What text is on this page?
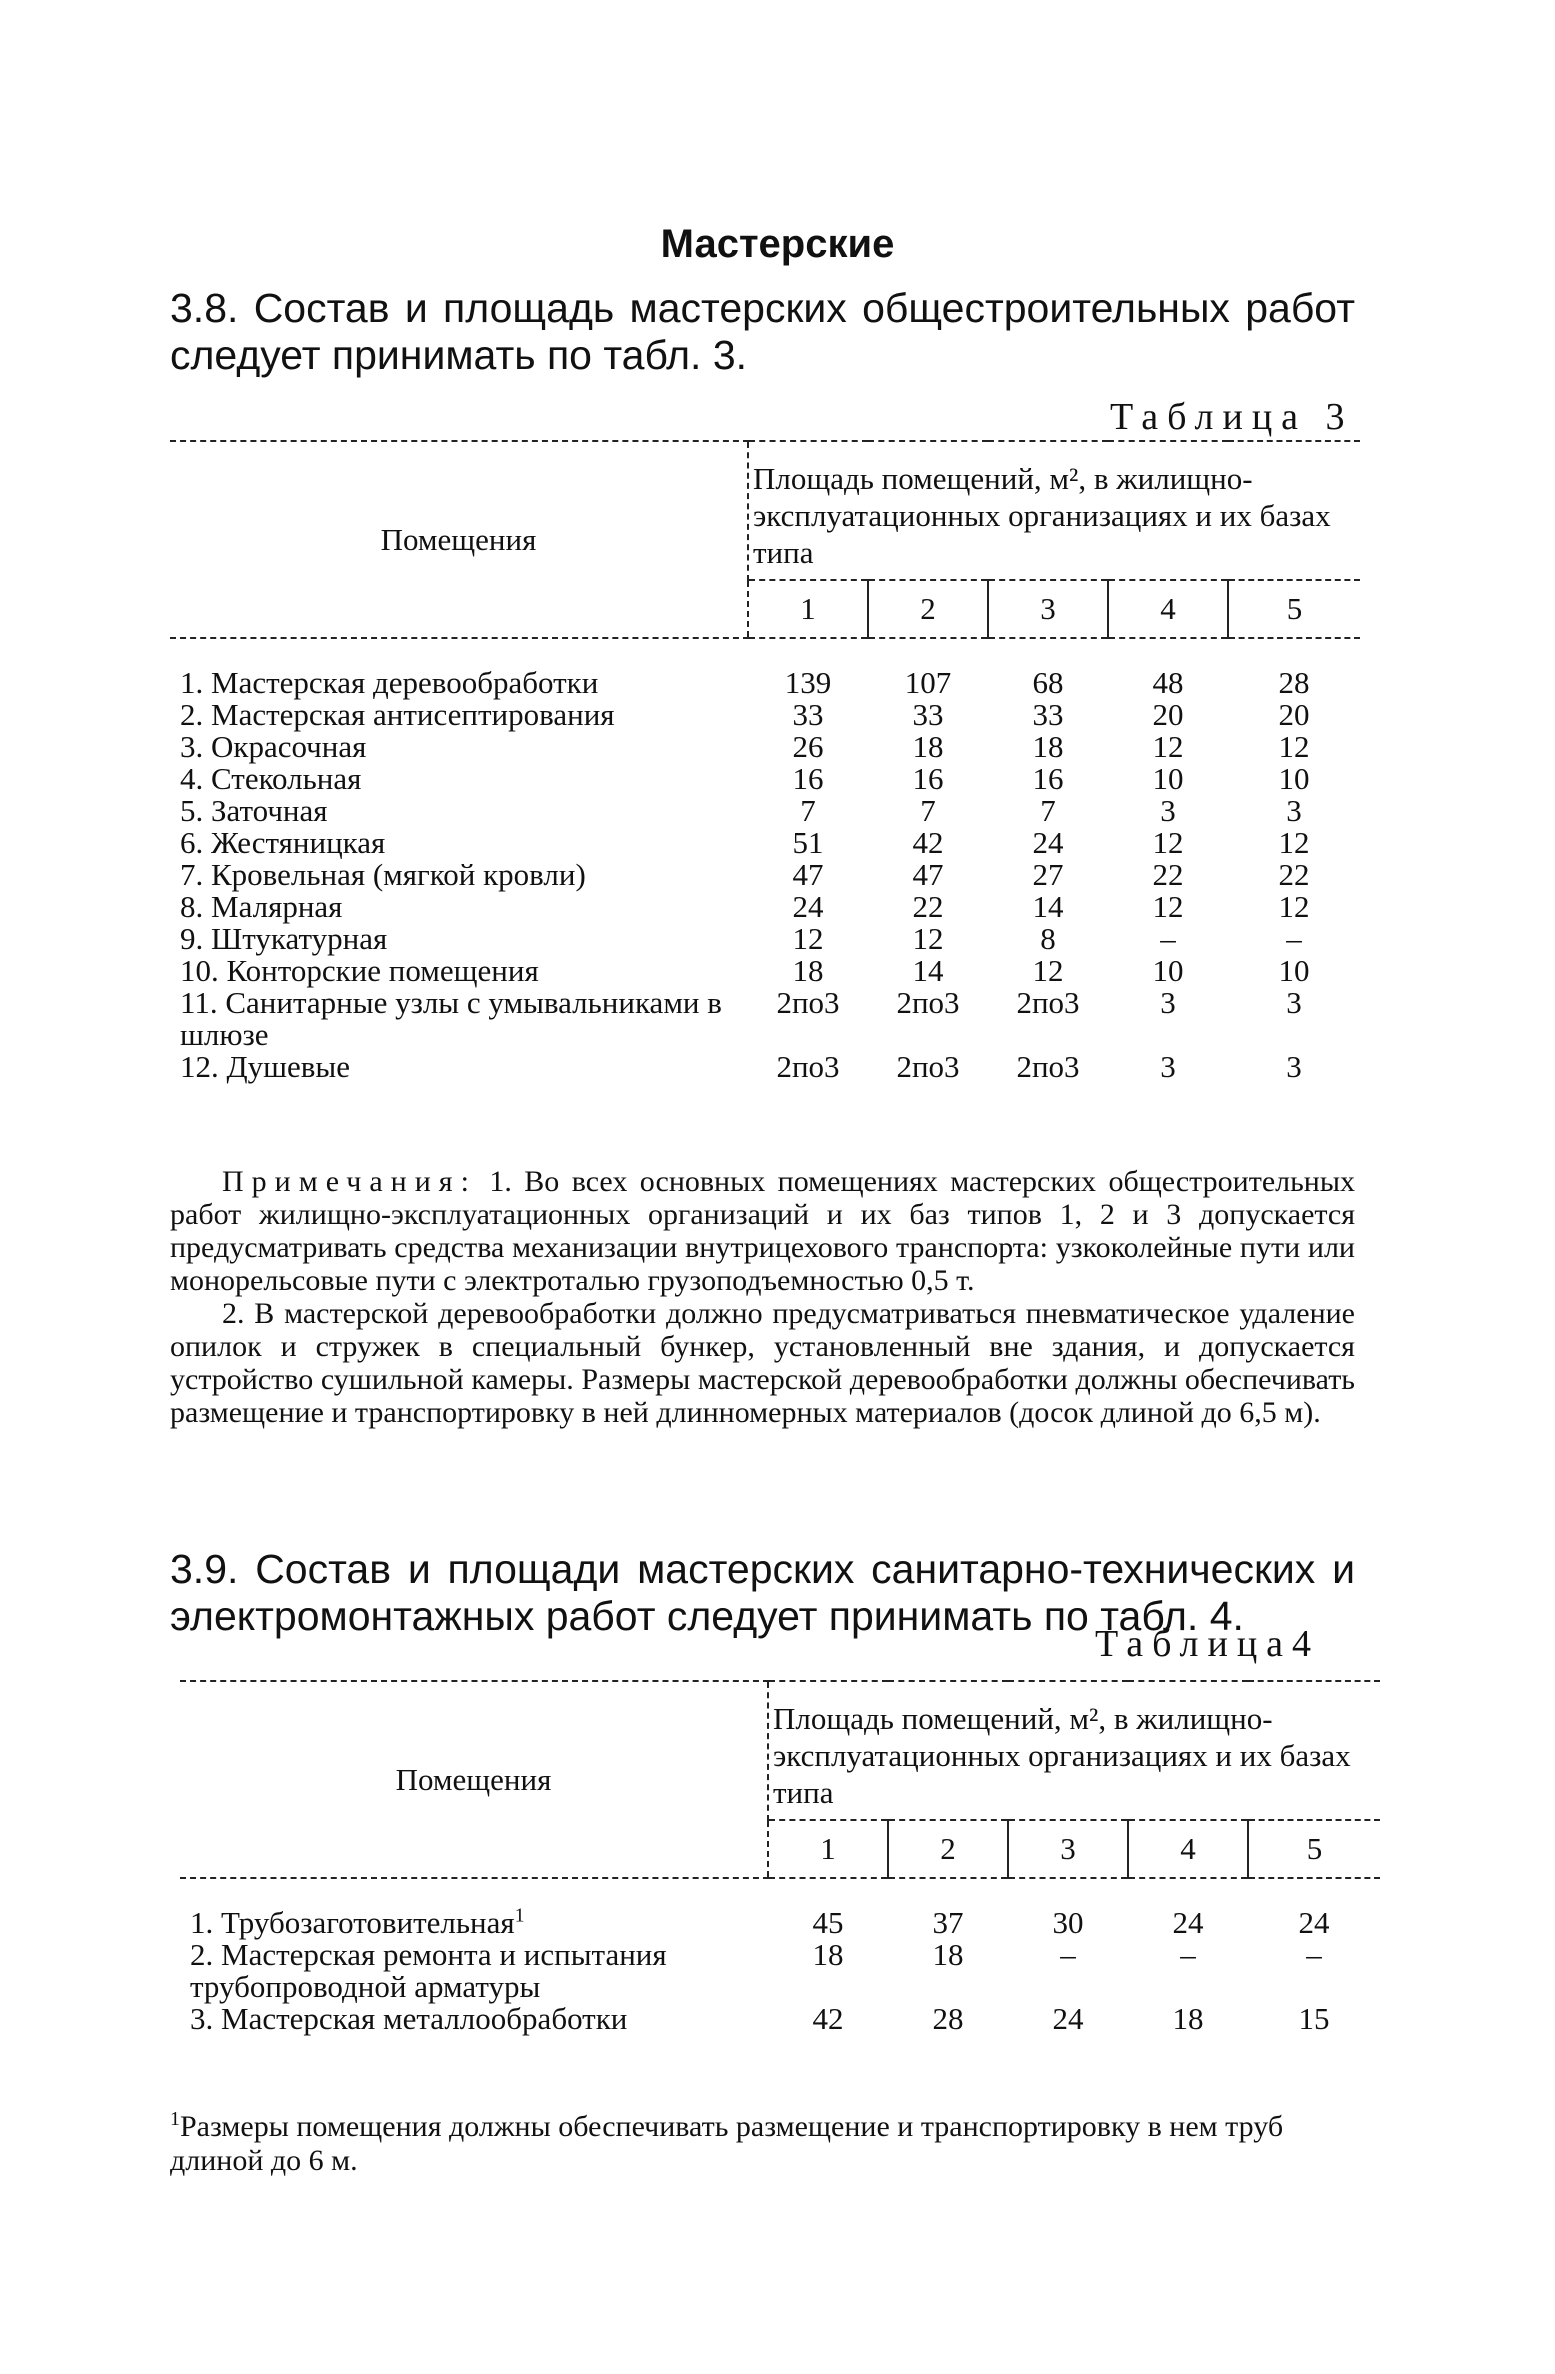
Мастерские
3.8. Состав и площадь мастерских общестроительных работ следует принимать по табл. 3.
Таблица 3
Помещения	Площадь помещений, м², в жилищно-эксплуатационных организациях и их базах типа				
	1	2	3	4	5

1. Мастерская деревообработки	139	107	68	48	28
2. Мастерская антисептирования	33	33	33	20	20
3. Окрасочная	26	18	18	12	12
4. Стекольная	16	16	16	10	10
5. Заточная	7	7	7	3	3
6. Жестяницкая	51	42	24	12	12
7. Кровельная (мягкой кровли)	47	47	27	22	22
8. Малярная	24	22	14	12	12
9. Штукатурная	12	12	8	–	–
10. Конторские помещения	18	14	12	10	10
11. Санитарные узлы с умывальниками в шлюзе	2по3	2по3	2по3	3	3
12. Душевые	2по3	2по3	2по3	3	3

Примечания: 1. Во всех основных помещениях мастерских общестроительных работ жилищно-эксплуатационных организаций и их баз типов 1, 2 и 3 допускается предусматривать средства механизации внутрицехового транспорта: узкоколейные пути или монорельсовые пути с электроталью грузоподъемностью 0,5 т.

2. В мастерской деревообработки должно предусматриваться пневматическое удаление опилок и стружек в специальный бункер, установленный вне здания, и допускается устройство сушильной камеры. Размеры мастерской деревообработки должны обеспечивать размещение и транспортировку в ней длинномерных материалов (досок длиной до 6,5 м).

3.9. Состав и площади мастерских санитарно-технических и электромонтажных работ следует принимать по табл. 4.
Таблица4
Помещения	Площадь помещений, м², в жилищно-эксплуатационных организациях и их базах типа				
	1	2	3	4	5

1. Трубозаготовительная$^1$	45	37	30	24	24
2. Мастерская ремонта и испытания трубопроводной арматуры	18	18	–	–	–
3. Мастерская металлообработки	42	28	24	18	15
$^1$Размеры помещения должны обеспечивать размещение и транспортировку в нем труб длиной до 6 м.
